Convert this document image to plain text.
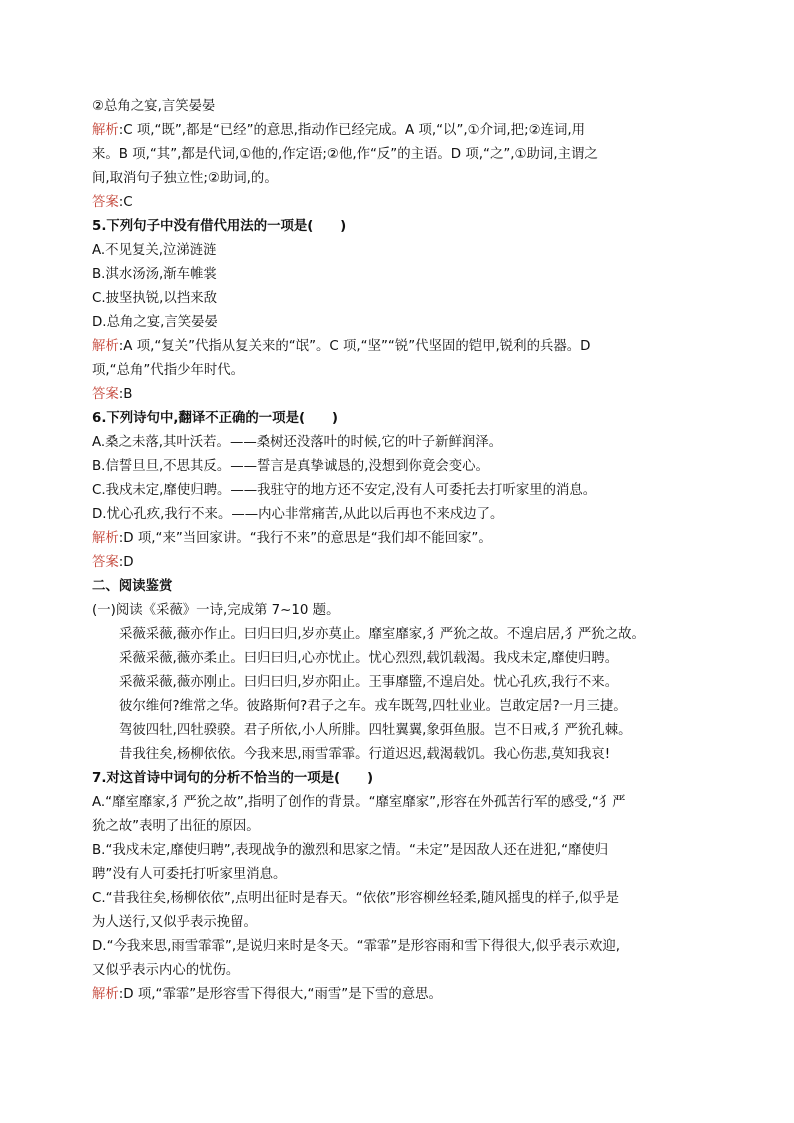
②总角之宴,言笑晏晏
解析:C 项,“既”,都是“已经”的意思,指动作已经完成。A 项,“以”,①介词,把;②连词,用
来。B 项,“其”,都是代词,①他的,作定语;②他,作“反”的主语。D 项,“之”,①助词,主谓之
间,取消句子独立性;②助词,的。
答案:C
5.下列句子中没有借代用法的一项是(　　)
A.不见复关,泣涕涟涟
B.淇水汤汤,渐车帷裳
C.披坚执锐,以挡来敌
D.总角之宴,言笑晏晏
解析:A 项,“复关”代指从复关来的“氓”。C 项,“坚”“锐”代坚固的铠甲,锐利的兵器。D
项,“总角”代指少年时代。
答案:B
6.下列诗句中,翻译不正确的一项是(　　)
A.桑之未落,其叶沃若。——桑树还没落叶的时候,它的叶子新鲜润泽。
B.信誓旦旦,不思其反。——誓言是真挚诚恳的,没想到你竟会变心。
C.我戍未定,靡使归聘。——我驻守的地方还不安定,没有人可委托去打听家里的消息。
D.忧心孔疚,我行不来。——内心非常痛苦,从此以后再也不来戍边了。
解析:D 项,“来”当回家讲。“我行不来”的意思是“我们却不能回家”。
答案:D
二、阅读鉴赏
(一)阅读《采薇》一诗,完成第 7~10 题。
采薇采薇,薇亦作止。曰归曰归,岁亦莫止。靡室靡家,犭严狁之故。不遑启居,犭严狁之故。
采薇采薇,薇亦柔止。曰归曰归,心亦忧止。忧心烈烈,载饥载渴。我戍未定,靡使归聘。
采薇采薇,薇亦刚止。曰归曰归,岁亦阳止。王事靡盬,不遑启处。忧心孔疚,我行不来。
彼尔维何?维常之华。彼路斯何?君子之车。戎车既驾,四牡业业。岂敢定居?一月三捷。
驾彼四牡,四牡骙骙。君子所依,小人所腓。四牡翼翼,象弭鱼服。岂不日戒,犭严狁孔棘。
昔我往矣,杨柳依依。今我来思,雨雪霏霏。行道迟迟,载渴载饥。我心伤悲,莫知我哀!
7.对这首诗中词句的分析不恰当的一项是(　　)
A.“靡室靡家,犭严狁之故”,指明了创作的背景。“靡室靡家”,形容在外孤苦行军的感受,“犭严
狁之故”表明了出征的原因。
B.“我戍未定,靡使归聘”,表现战争的激烈和思家之情。“未定”是因敌人还在进犯,“靡使归
聘”没有人可委托打听家里消息。
C.“昔我往矣,杨柳依依”,点明出征时是春天。“依依”形容柳丝轻柔,随风摇曳的样子,似乎是
为人送行,又似乎表示挽留。
D.“今我来思,雨雪霏霏”,是说归来时是冬天。“霏霏”是形容雨和雪下得很大,似乎表示欢迎,
又似乎表示内心的忧伤。
解析:D 项,“霏霏”是形容雪下得很大,“雨雪”是下雪的意思。
